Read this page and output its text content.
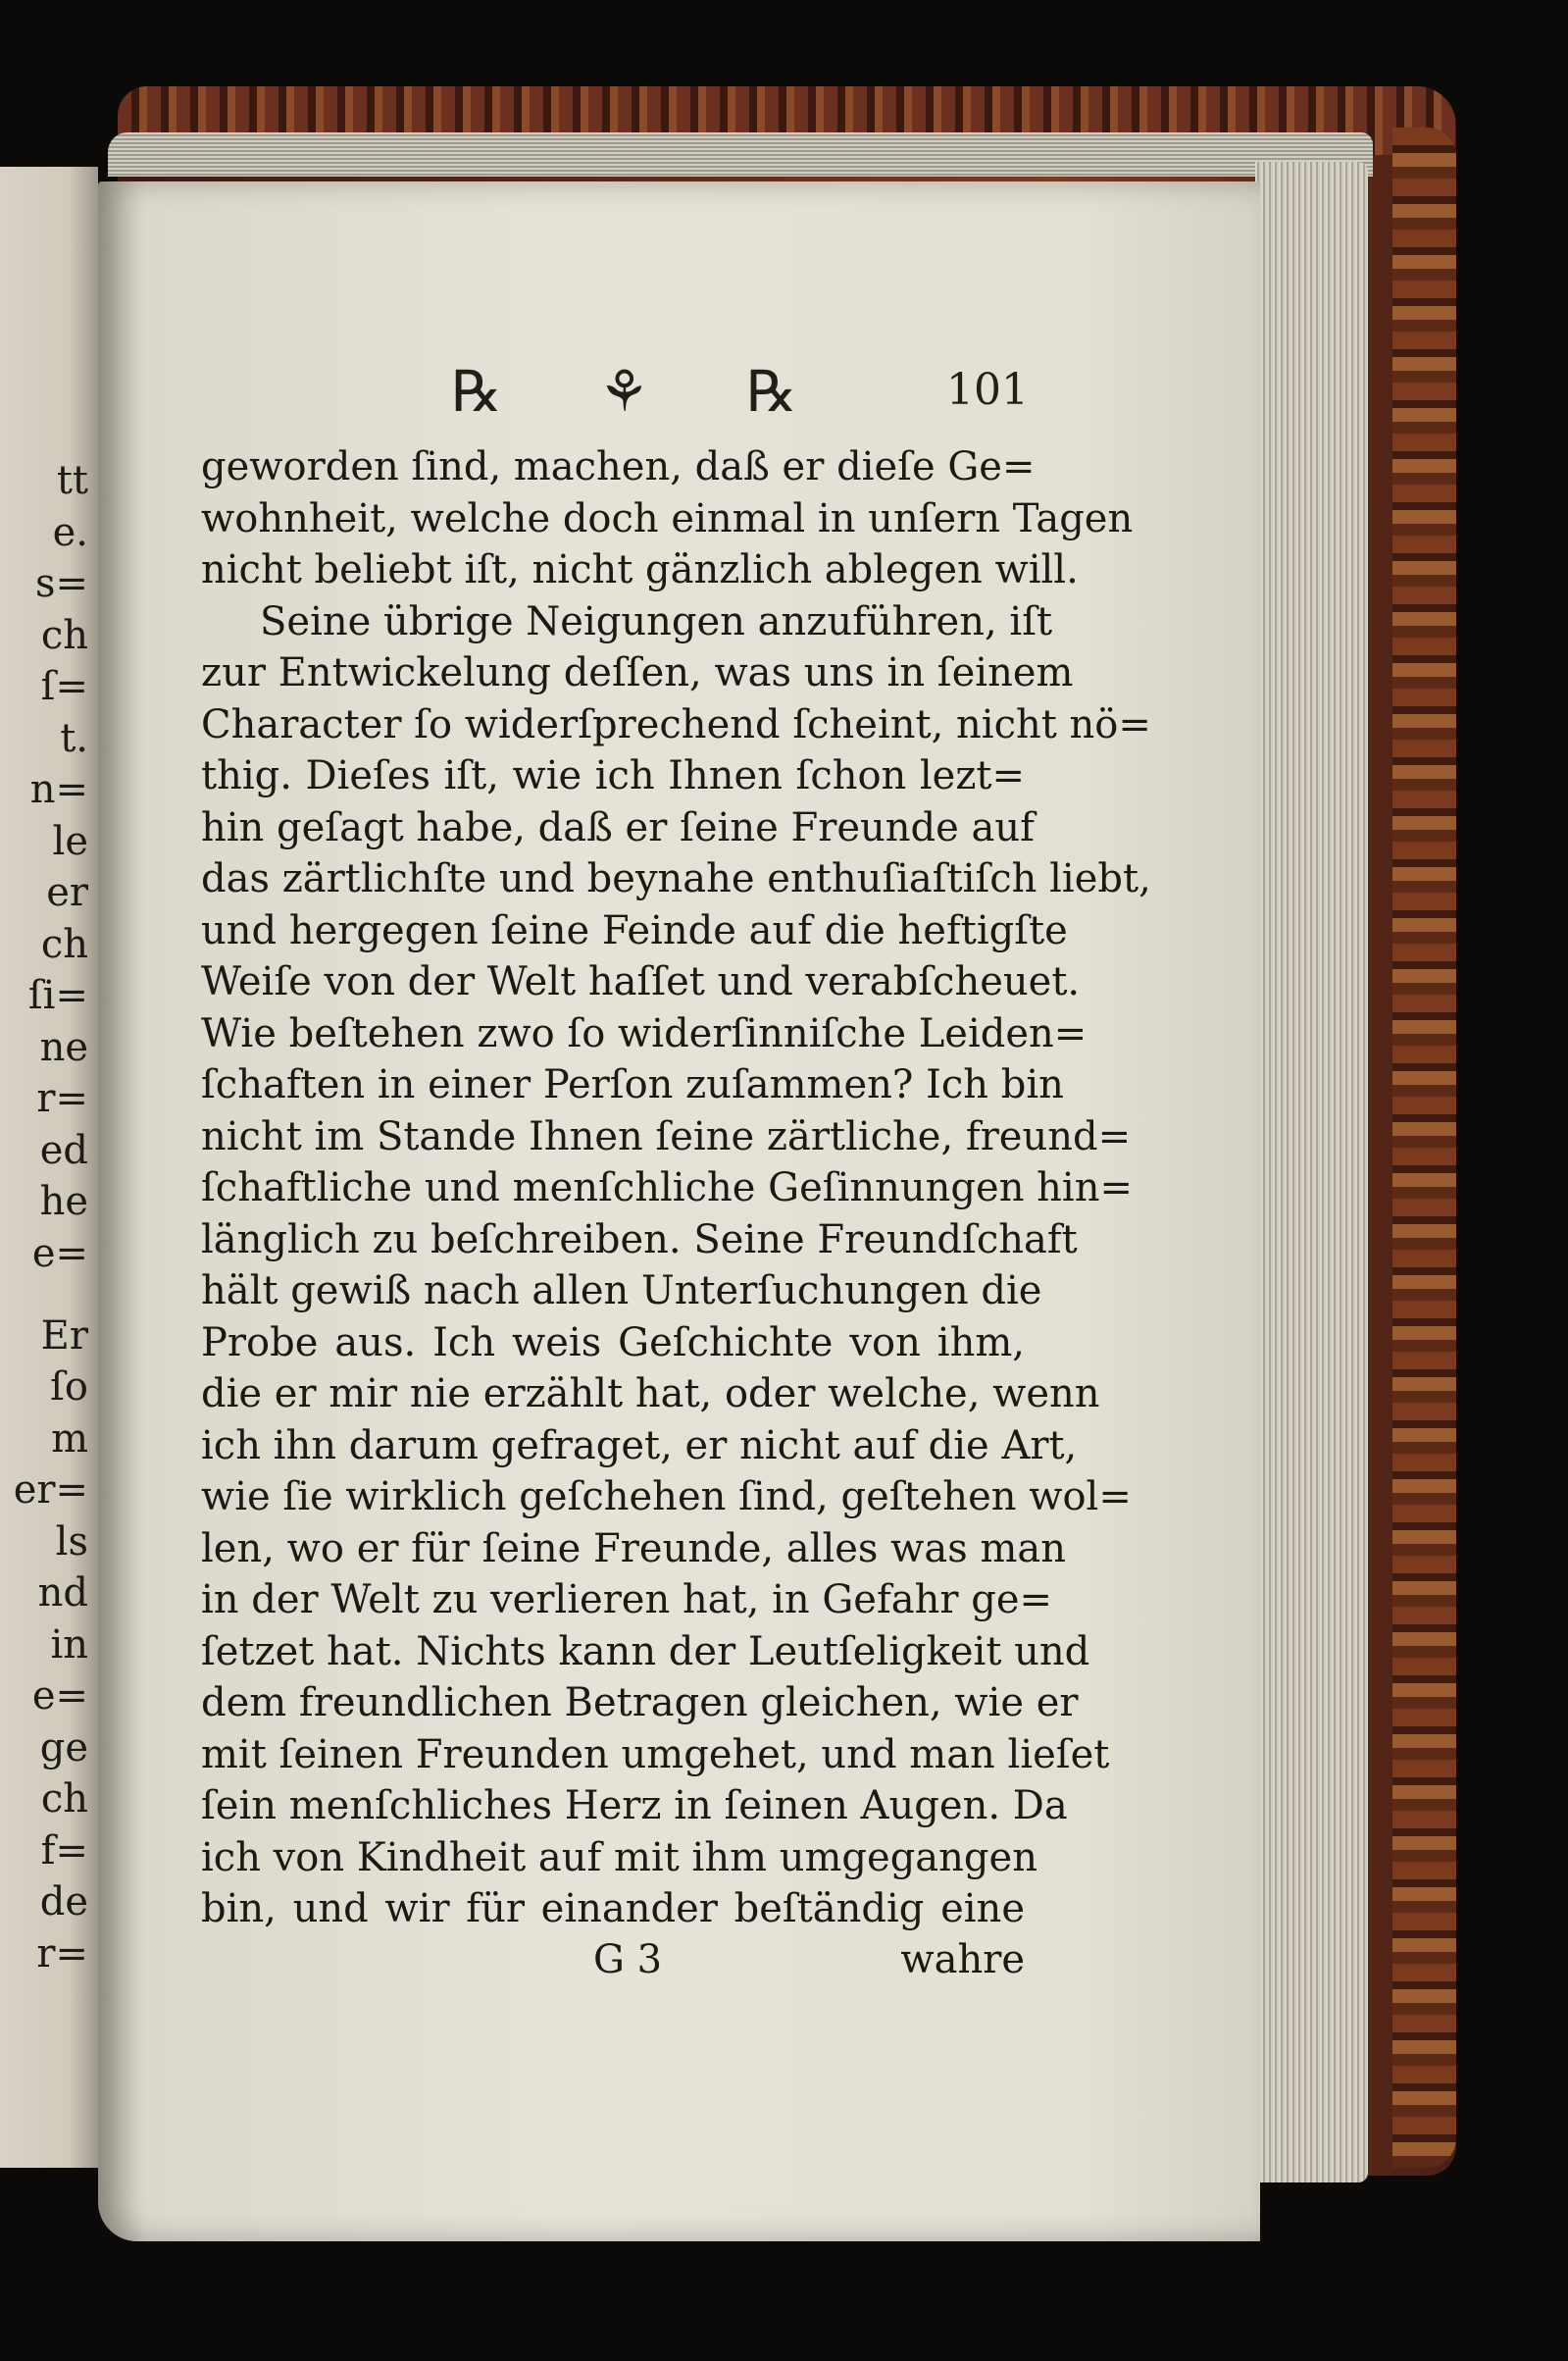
tt
e.
s=
ch
ſ=
t.
n=
le
er
ch
ſi=
ne
r=
ed
he
e=
Er
ſo
m
er=
ls
nd
in
e=
ge
ch
f=
de
r=
℞ ⚘ ℞	101
geworden ſind, machen, daß er dieſe Ge=
wohnheit, welche doch einmal in unſern Tagen
nicht beliebt iſt, nicht gänzlich ablegen will.
Seine übrige Neigungen anzuführen, iſt
zur Entwickelung deſſen, was uns in ſeinem
Character ſo widerſprechend ſcheint, nicht nö=
thig. Dieſes iſt, wie ich Ihnen ſchon lezt=
hin geſagt habe, daß er ſeine Freunde auf
das zärtlichſte und beynahe enthuſiaſtiſch liebt,
und hergegen ſeine Feinde auf die heftigſte
Weiſe von der Welt haſſet und verabſcheuet.
Wie beſtehen zwo ſo widerſinniſche Leiden=
ſchaften in einer Perſon zuſammen? Ich bin
nicht im Stande Ihnen ſeine zärtliche, freund=
ſchaftliche und menſchliche Geſinnungen hin=
länglich zu beſchreiben. Seine Freundſchaft
hält gewiß nach allen Unterſuchungen die
Probe aus. Ich weis Geſchichte von ihm,
die er mir nie erzählt hat, oder welche, wenn
ich ihn darum gefraget, er nicht auf die Art,
wie ſie wirklich geſchehen ſind, geſtehen wol=
len, wo er für ſeine Freunde, alles was man
in der Welt zu verlieren hat, in Gefahr ge=
ſetzet hat. Nichts kann der Leutſeligkeit und
dem freundlichen Betragen gleichen, wie er
mit ſeinen Freunden umgehet, und man lieſet
ſein menſchliches Herz in ſeinen Augen. Da
ich von Kindheit auf mit ihm umgegangen
bin, und wir für einander beſtändig eine
G 3	wahre
